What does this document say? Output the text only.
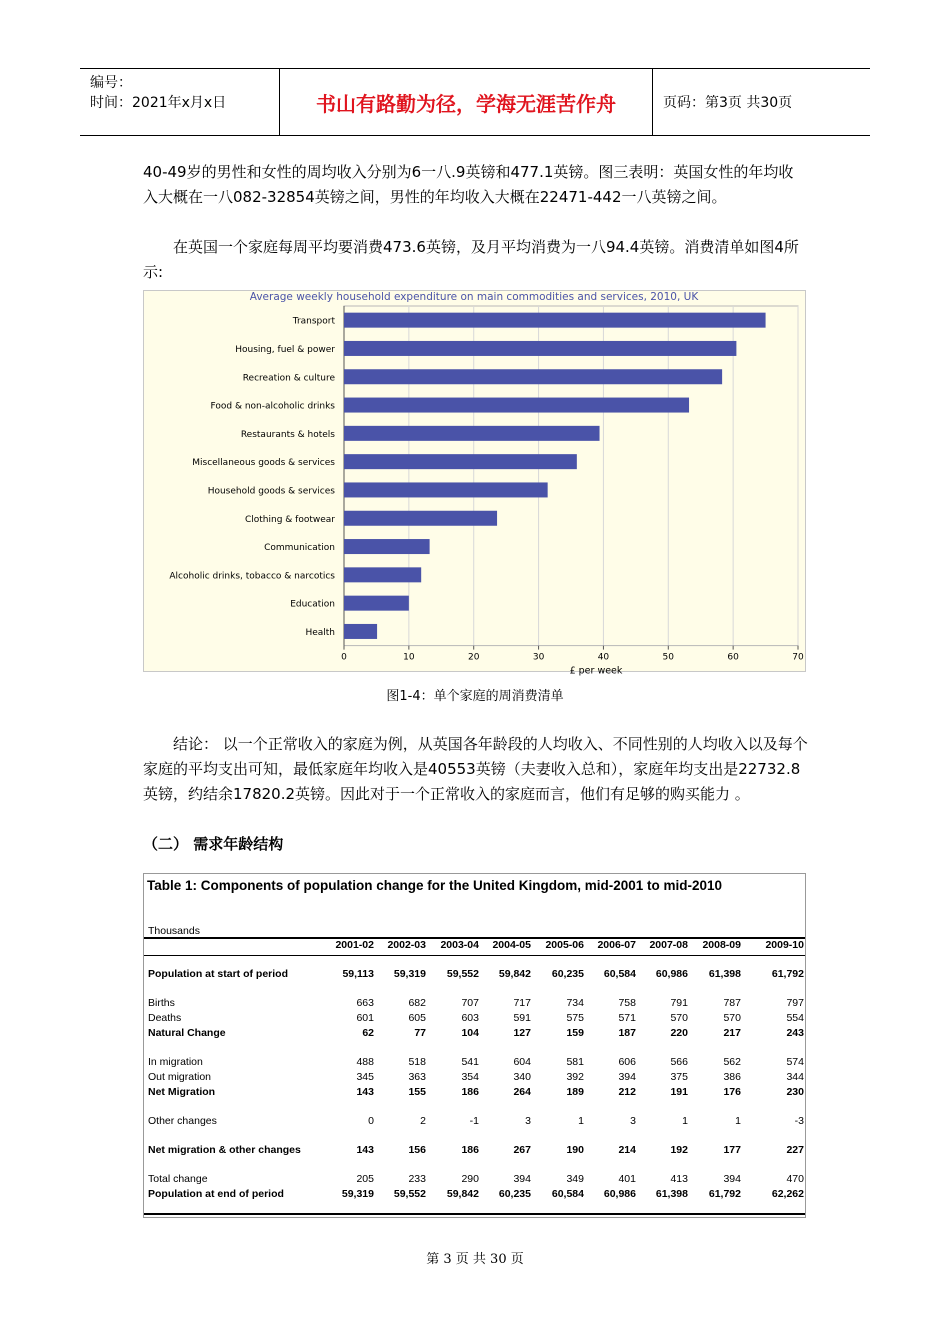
编号：
时间：2021年x月x日	书山有路勤为径，学海无涯苦作舟	页码：第3页 共30页
40-49岁的男性和女性的周均收入分别为6一八.9英镑和477.1英镑。图三表明：英国女性的年均收入大概在一八082-32854英镑之间，男性的年均收入大概在22471-442一八英镑之间。
在英国一个家庭每周平均要消费473.6英镑，及月平均消费为一八94.4英镑。消费清单如图4所示:
Average weekly household expenditure on main commodities and services, 2010, UK
0	10	20	30	40	50	60	70
£ per week
Transport
Housing, fuel & power
Recreation & culture
Food & non-alcoholic drinks
Restaurants & hotels
Miscellaneous goods & services
Household goods & services
Clothing & footwear
Communication
Alcoholic drinks, tobacco & narcotics
Education
Health
图1-4：单个家庭的周消费清单
结论： 以一个正常收入的家庭为例，从英国各年龄段的人均收入、不同性别的人均收入以及每个家庭的平均支出可知，最低家庭年均收入是40553英镑（夫妻收入总和），家庭年均支出是22732.8英镑，约结余17820.2英镑。因此对于一个正常收入的家庭而言，他们有足够的购买能力 。
（二） 需求年龄结构
Table 1: Components of population change for the United Kingdom, mid-2001 to mid-2010
Thousands
2001-02	2002-03	2003-04	2004-05	2005-06	2006-07	2007-08	2008-09	2009-10
Population at start of period	59,113	59,319	59,552	59,842	60,235	60,584	60,986	61,398	61,792
Births	663	682	707	717	734	758	791	787	797
Deaths	601	605	603	591	575	571	570	570	554
Natural Change	62	77	104	127	159	187	220	217	243
In migration	488	518	541	604	581	606	566	562	574
Out migration	345	363	354	340	392	394	375	386	344
Net Migration	143	155	186	264	189	212	191	176	230
Other changes	0	2	-1	3	1	3	1	1	-3
Net migration & other changes	143	156	186	267	190	214	192	177	227
Total change	205	233	290	394	349	401	413	394	470
Population at end of period	59,319	59,552	59,842	60,235	60,584	60,986	61,398	61,792	62,262
第 3 页 共 30 页
